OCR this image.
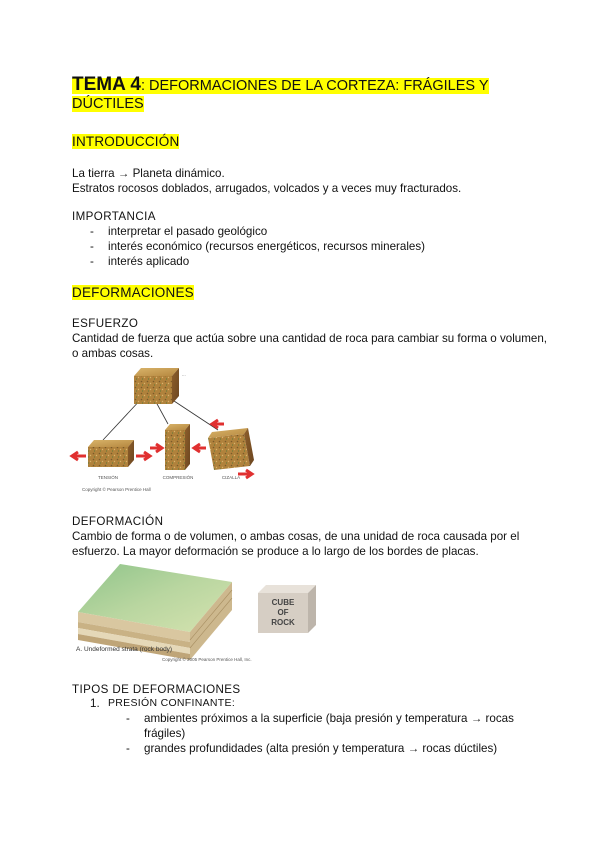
TEMA 4: DEFORMACIONES DE LA CORTEZA: FRÁGILES Y
DÚCTILES
INTRODUCCIÓN
La tierra → Planeta dinámico.
Estratos rocosos doblados, arrugados, volcados y a veces muy fracturados.
IMPORTANCIA
- interpretar el pasado geológico
- interés económico (recursos energéticos, recursos minerales)
- interés aplicado
DEFORMACIONES
ESFUERZO
Cantidad de fuerza que actúa sobre una cantidad de roca para cambiar su forma o volumen,
o ambas cosas.
...
TENSIÓN	COMPRESIÓN	CIZALLA
Copyright © Pearson Prentice Hall
DEFORMACIÓN
Cambio de forma o de volumen, o ambas cosas, de una unidad de roca causada por el
esfuerzo. La mayor deformación se produce a lo largo de los bordes de placas.
A. Undeformed strata (rock body)
Copyright © 2005 Pearson Prentice Hall, Inc.
CUBE
OF
ROCK
TIPOS DE DEFORMACIONES
1. PRESIÓN CONFINANTE:
- ambientes próximos a la superficie (baja presión y temperatura → rocas
frágiles)
- grandes profundidades (alta presión y temperatura → rocas dúctiles)
